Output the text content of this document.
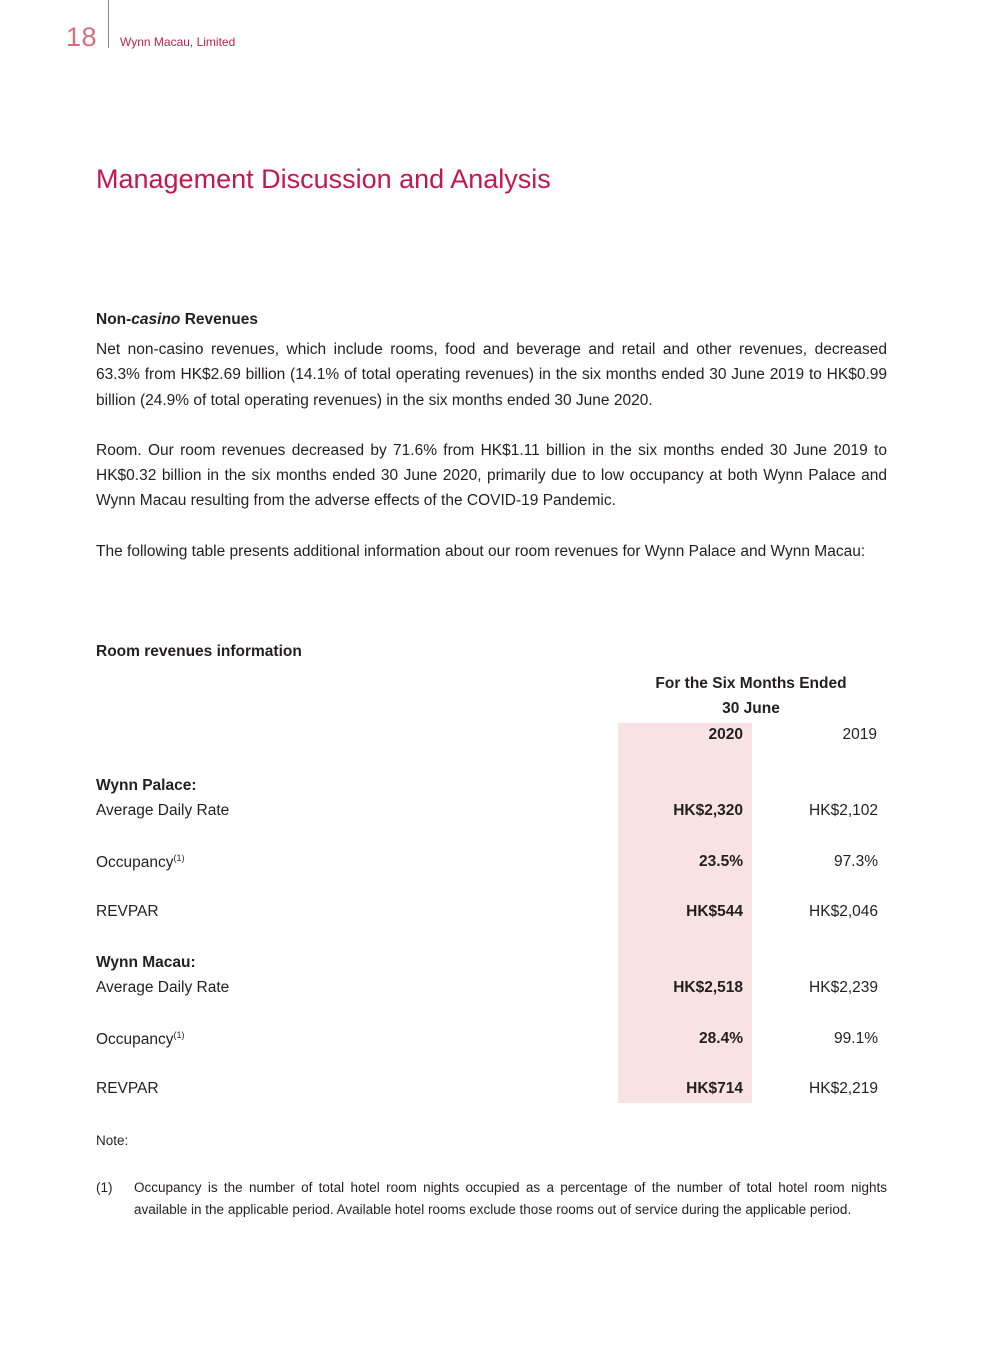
18 Wynn Macau, Limited
Management Discussion and Analysis
Non-casino Revenues

Net non-casino revenues, which include rooms, food and beverage and retail and other revenues, decreased 63.3% from HK$2.69 billion (14.1% of total operating revenues) in the six months ended 30 June 2019 to HK$0.99 billion (24.9% of total operating revenues) in the six months ended 30 June 2020.

Room. Our room revenues decreased by 71.6% from HK$1.11 billion in the six months ended 30 June 2019 to HK$0.32 billion in the six months ended 30 June 2020, primarily due to low occupancy at both Wynn Palace and Wynn Macau resulting from the adverse effects of the COVID-19 Pandemic.

The following table presents additional information about our room revenues for Wynn Palace and Wynn Macau:

Room revenues information
For the Six Months Ended
30 June
2020	2019
Wynn Palace:
Average Daily Rate	HK$2,320	HK$2,102
Occupancy$^{(1)}$	23.5%	97.3%
REVPAR	HK$544	HK$2,046
Wynn Macau:
Average Daily Rate	HK$2,518	HK$2,239
Occupancy$^{(1)}$	28.4%	99.1%
REVPAR	HK$714	HK$2,219
Note:
(1) Occupancy is the number of total hotel room nights occupied as a percentage of the number of total hotel room nights available in the applicable period. Available hotel rooms exclude those rooms out of service during the applicable period.
